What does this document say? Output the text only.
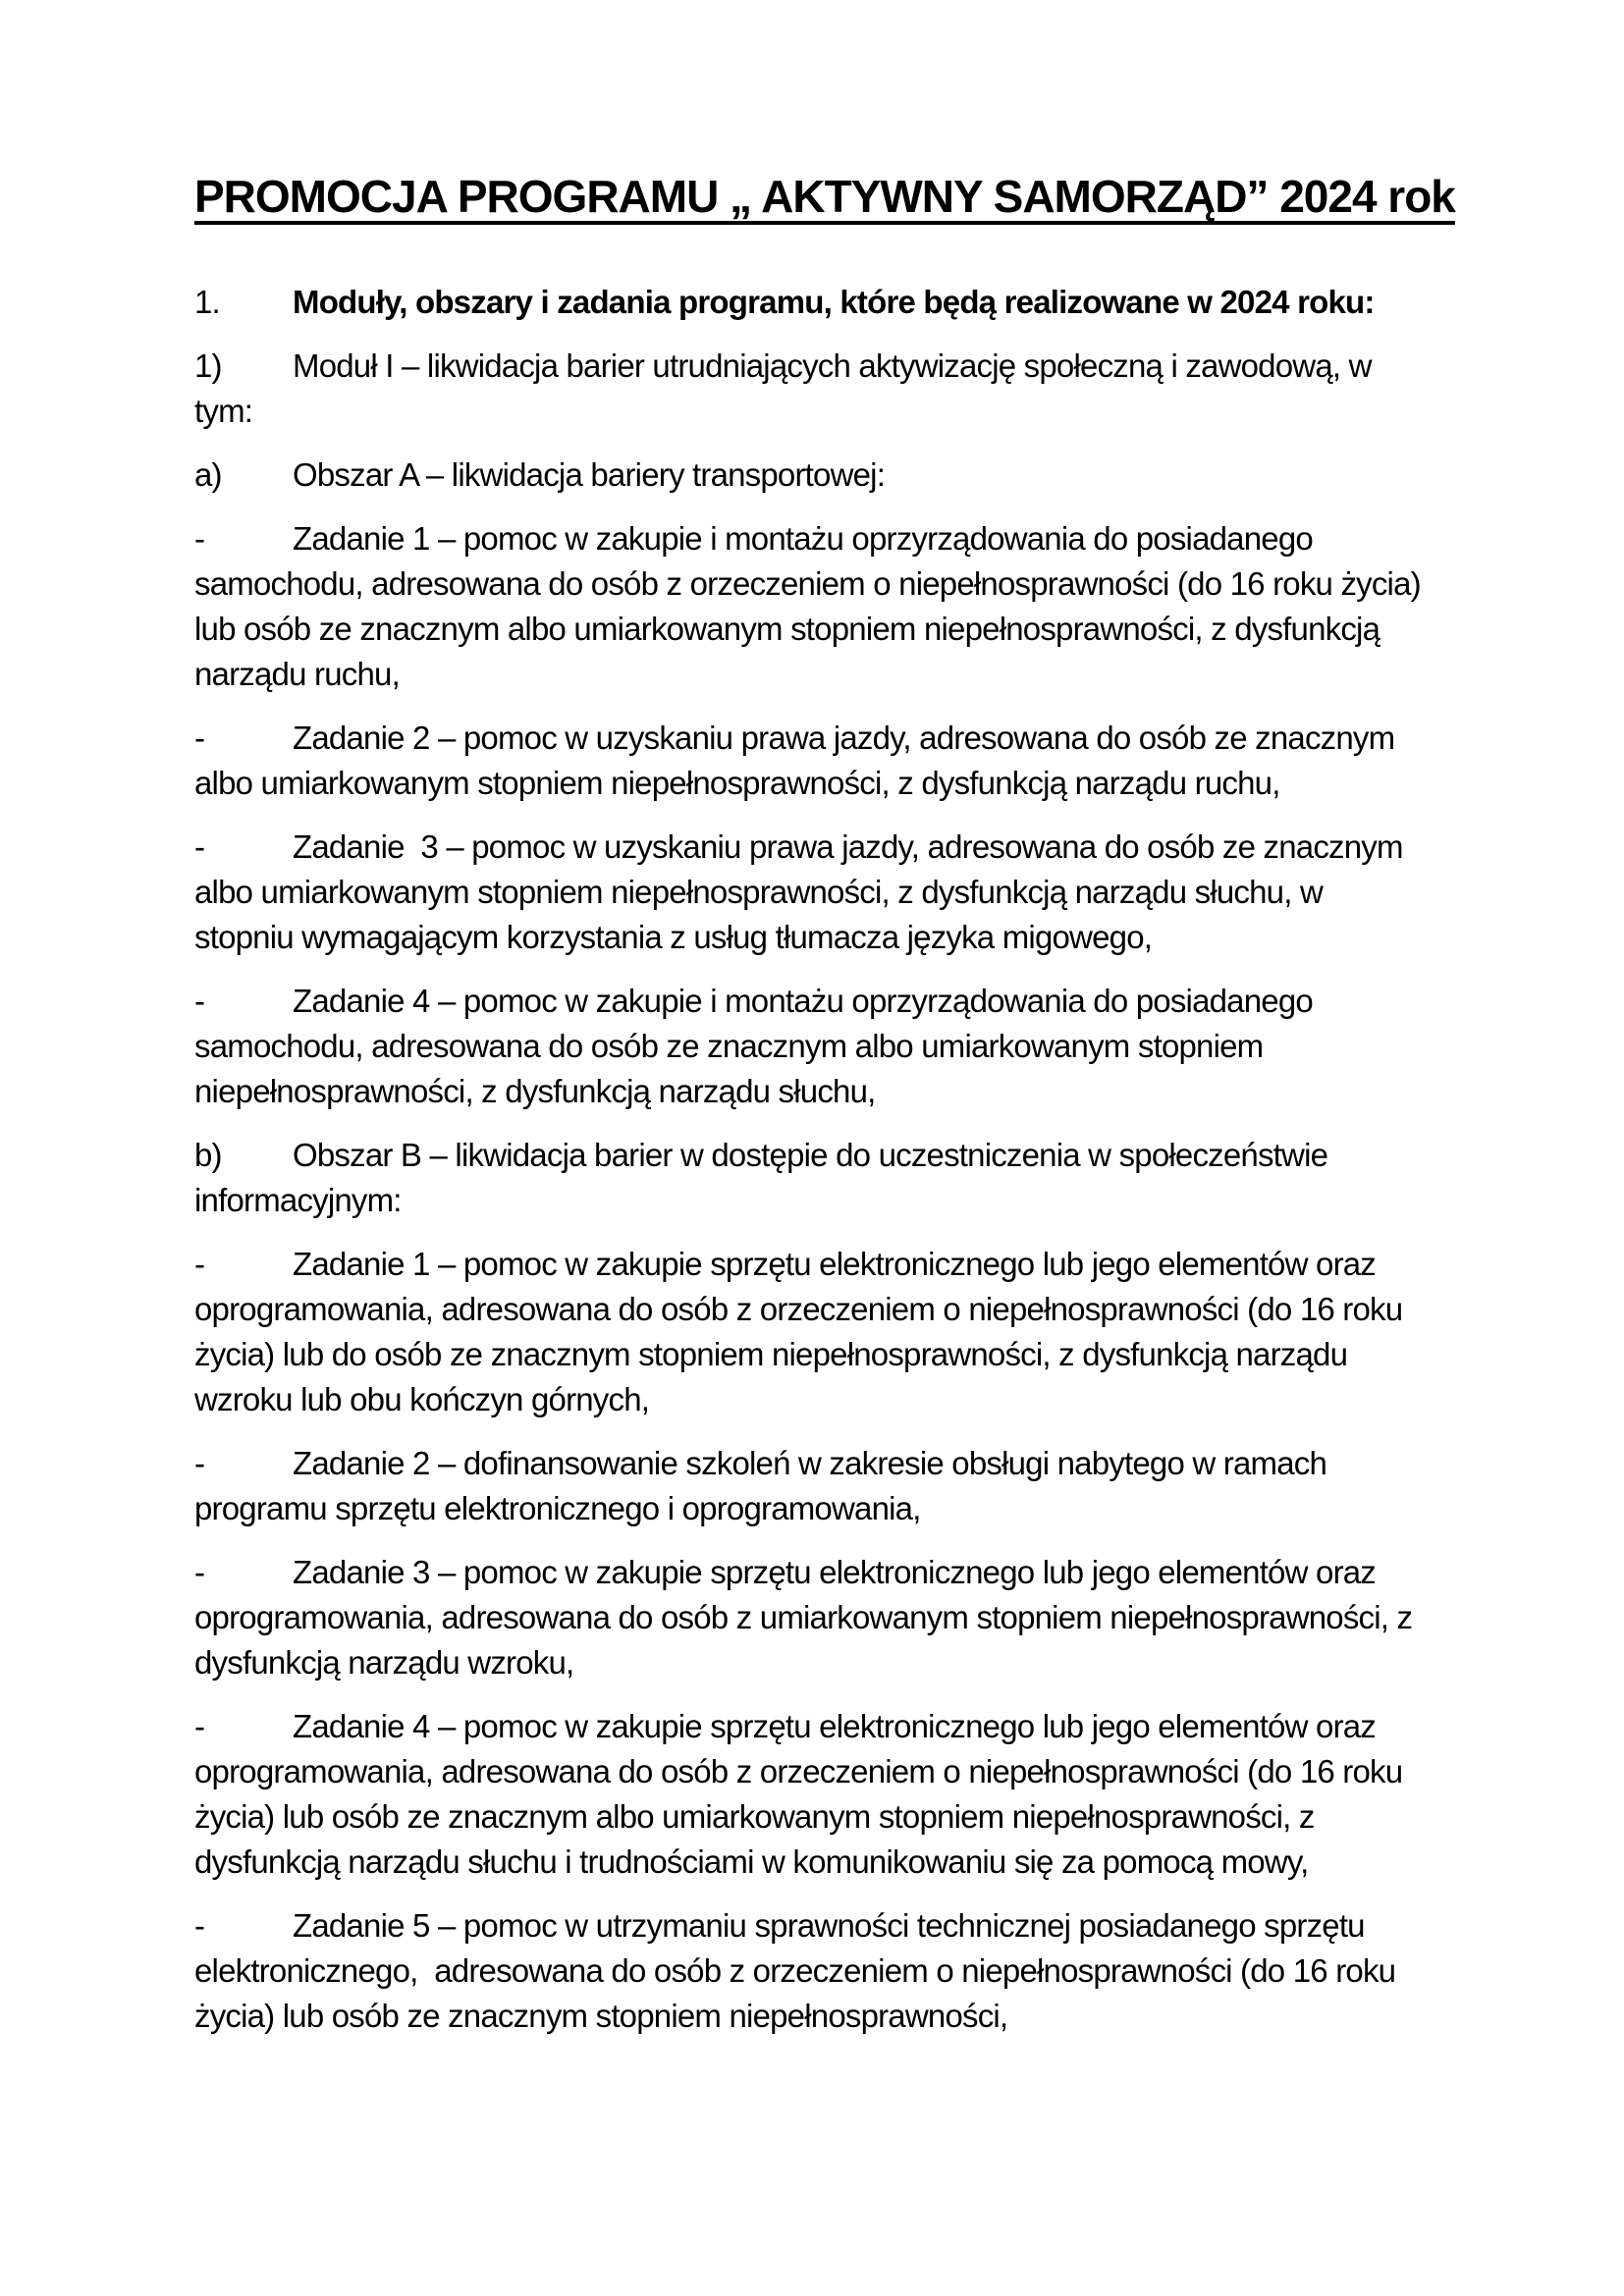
PROMOCJA PROGRAMU „ AKTYWNY SAMORZĄD” 2024 rok

1. Moduły, obszary i zadania programu, które będą realizowane w 2024 roku:

1) Moduł I – likwidacja barier utrudniających aktywizację społeczną i zawodową, w tym:

a) Obszar A – likwidacja bariery transportowej:

-	Zadanie 1 – pomoc w zakupie i montażu oprzyrządowania do posiadanego samochodu, adresowana do osób z orzeczeniem o niepełnosprawności (do 16 roku życia) lub osób ze znacznym albo umiarkowanym stopniem niepełnosprawności, z dysfunkcją narządu ruchu,

-	Zadanie 2 – pomoc w uzyskaniu prawa jazdy, adresowana do osób ze znacznym albo umiarkowanym stopniem niepełnosprawności, z dysfunkcją narządu ruchu,

-	Zadanie  3 – pomoc w uzyskaniu prawa jazdy, adresowana do osób ze znacznym albo umiarkowanym stopniem niepełnosprawności, z dysfunkcją narządu słuchu, w stopniu wymagającym korzystania z usług tłumacza języka migowego,

-	Zadanie 4 – pomoc w zakupie i montażu oprzyrządowania do posiadanego samochodu, adresowana do osób ze znacznym albo umiarkowanym stopniem niepełnosprawności, z dysfunkcją narządu słuchu,

b) Obszar B – likwidacja barier w dostępie do uczestniczenia w społeczeństwie informacyjnym:

-	Zadanie 1 – pomoc w zakupie sprzętu elektronicznego lub jego elementów oraz oprogramowania, adresowana do osób z orzeczeniem o niepełnosprawności (do 16 roku życia) lub do osób ze znacznym stopniem niepełnosprawności, z dysfunkcją narządu wzroku lub obu kończyn górnych,

-	Zadanie 2 – dofinansowanie szkoleń w zakresie obsługi nabytego w ramach programu sprzętu elektronicznego i oprogramowania,

-	Zadanie 3 – pomoc w zakupie sprzętu elektronicznego lub jego elementów oraz oprogramowania, adresowana do osób z umiarkowanym stopniem niepełnosprawności, z dysfunkcją narządu wzroku,

-	Zadanie 4 – pomoc w zakupie sprzętu elektronicznego lub jego elementów oraz oprogramowania, adresowana do osób z orzeczeniem o niepełnosprawności (do 16 roku życia) lub osób ze znacznym albo umiarkowanym stopniem niepełnosprawności, z dysfunkcją narządu słuchu i trudnościami w komunikowaniu się za pomocą mowy,

-	Zadanie 5 – pomoc w utrzymaniu sprawności technicznej posiadanego sprzętu elektronicznego,  adresowana do osób z orzeczeniem o niepełnosprawności (do 16 roku życia) lub osób ze znacznym stopniem niepełnosprawności,
